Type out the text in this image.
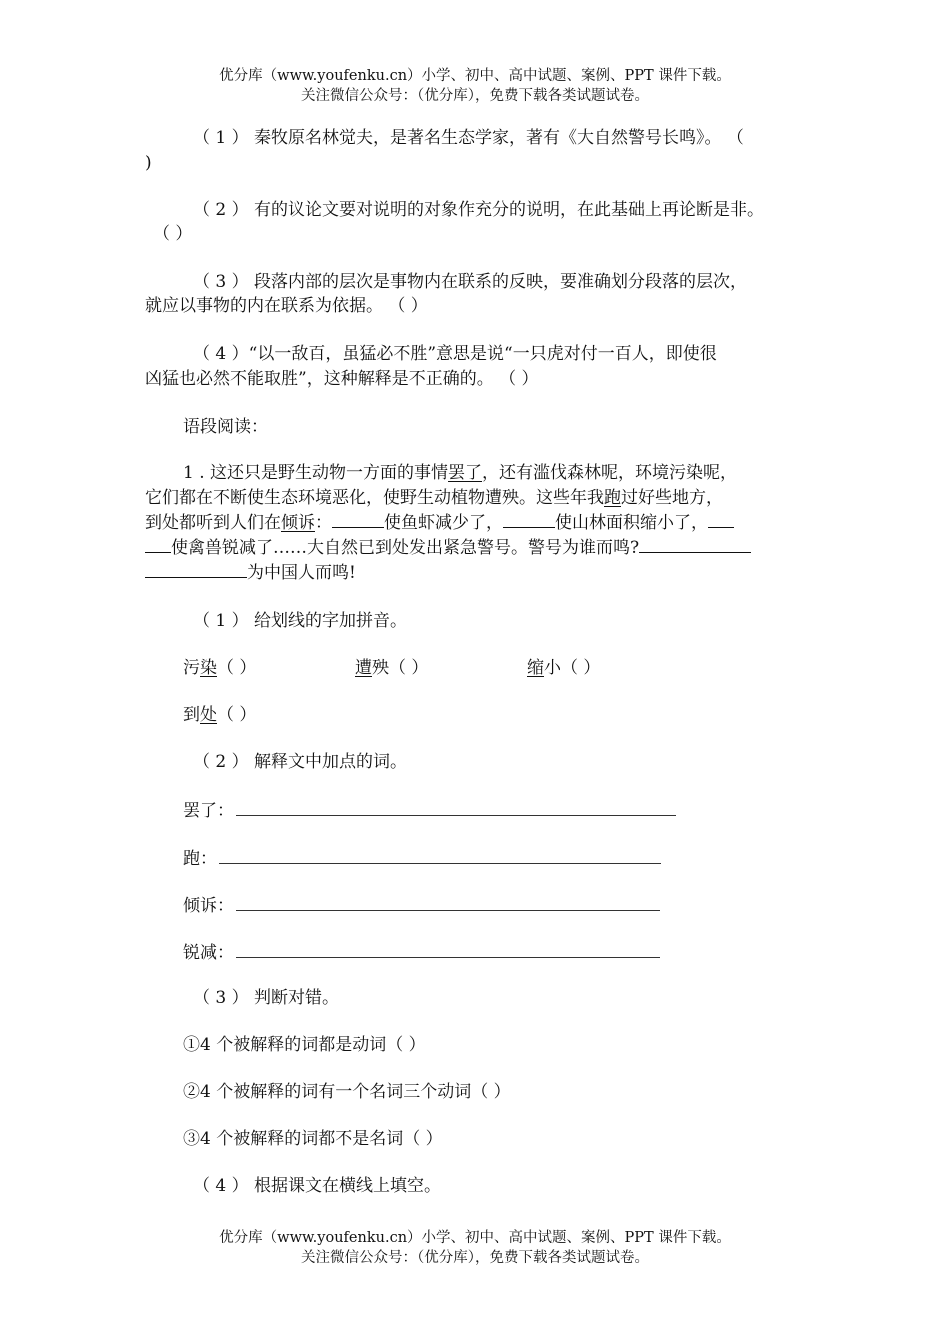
优分库（www.youfenku.cn）小学、初中、高中试题、案例、PPT 课件下载。
关注微信公众号：（优分库），免费下载各类试题试卷。
（ 1 ） 秦牧原名林觉夫，是著名生态学家，著有《大自然警号长鸣》。 （
)
（ 2 ） 有的议论文要对说明的对象作充分的说明，在此基础上再论断是非。
（ ）
（ 3 ） 段落内部的层次是事物内在联系的反映，要准确划分段落的层次，
就应以事物的内在联系为依据。 （ ）
（ 4 ）“以一敌百，虽猛必不胜”意思是说“一只虎对付一百人，即使很
凶猛也必然不能取胜”，这种解释是不正确的。 （ ）
语段阅读：
1 . 这还只是野生动物一方面的事情罢了，还有滥伐森林呢，环境污染呢，
它们都在不断使生态环境恶化，使野生动植物遭殃。这些年我跑过好些地方，
到处都听到人们在倾诉：	使鱼虾减少了，	使山林面积缩小了，
使禽兽锐减了……大自然已到处发出紧急警号。警号为谁而鸣?
为中国人而鸣!
（ 1 ） 给划线的字加拼音。
污染（ ）	遭殃（ ）	缩小（ ）
到处（ ）
（ 2 ） 解释文中加点的词。
罢了：
跑：
倾诉：
锐减：
（ 3 ） 判断对错。
①4 个被解释的词都是动词（ ）
②4 个被解释的词有一个名词三个动词（ ）
③4 个被解释的词都不是名词（ ）
（ 4 ） 根据课文在横线上填空。
优分库（www.youfenku.cn）小学、初中、高中试题、案例、PPT 课件下载。
关注微信公众号：（优分库），免费下载各类试题试卷。
